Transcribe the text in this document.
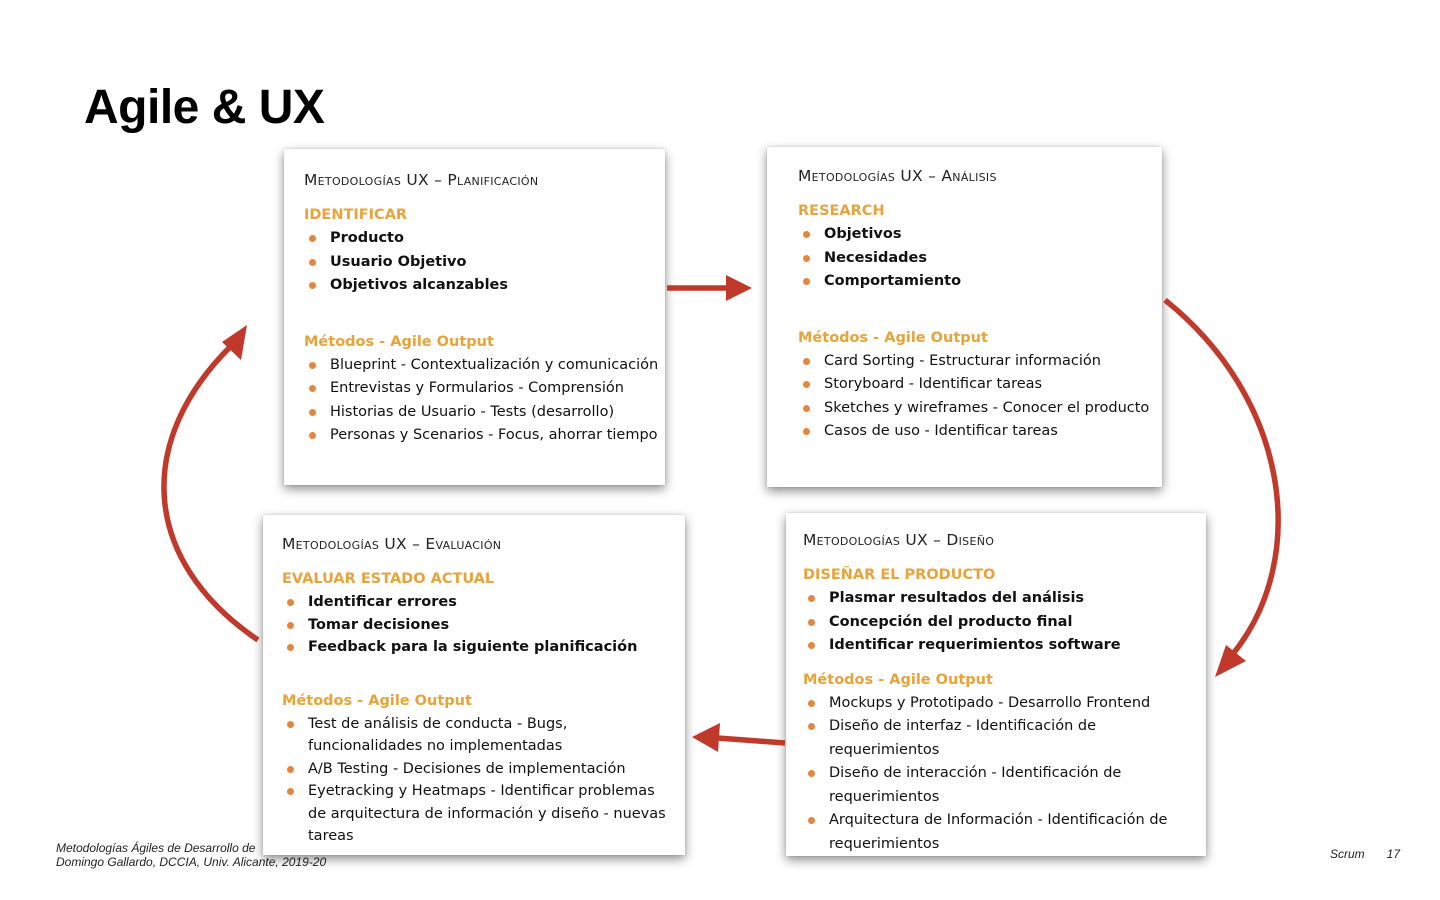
Agile & UX
Metodologías Ágiles de Desarrollo de
Domingo Gallardo, DCCIA, Univ. Alicante, 2019-20
Scrum 17
Metodologías UX – Planificación
IDENTIFICAR
Producto
Usuario Objetivo
Objetivos alcanzables
Métodos - Agile Output
Blueprint - Contextualización y comunicación
Entrevistas y Formularios - Comprensión
Historias de Usuario - Tests (desarrollo)
Personas y Scenarios - Focus, ahorrar tiempo
Metodologías UX – Análisis
RESEARCH
Objetivos
Necesidades
Comportamiento
Métodos - Agile Output
Card Sorting - Estructurar información
Storyboard - Identificar tareas
Sketches y wireframes - Conocer el producto
Casos de uso - Identificar tareas
Metodologías UX – Evaluación
EVALUAR ESTADO ACTUAL
Identificar errores
Tomar decisiones
Feedback para la siguiente planificación
Métodos - Agile Output
Test de análisis de conducta - Bugs, funcionalidades no implementadas
A/B Testing - Decisiones de implementación
Eyetracking y Heatmaps - Identificar problemas de arquitectura de información y diseño - nuevas tareas
Metodologías UX – Diseño
DISEÑAR EL PRODUCTO
Plasmar resultados del análisis
Concepción del producto final
Identificar requerimientos software
Métodos - Agile Output
Mockups y Prototipado - Desarrollo Frontend
Diseño de interfaz - Identificación de requerimientos
Diseño de interacción - Identificación de requerimientos
Arquitectura de Información - Identificación de requerimientos
